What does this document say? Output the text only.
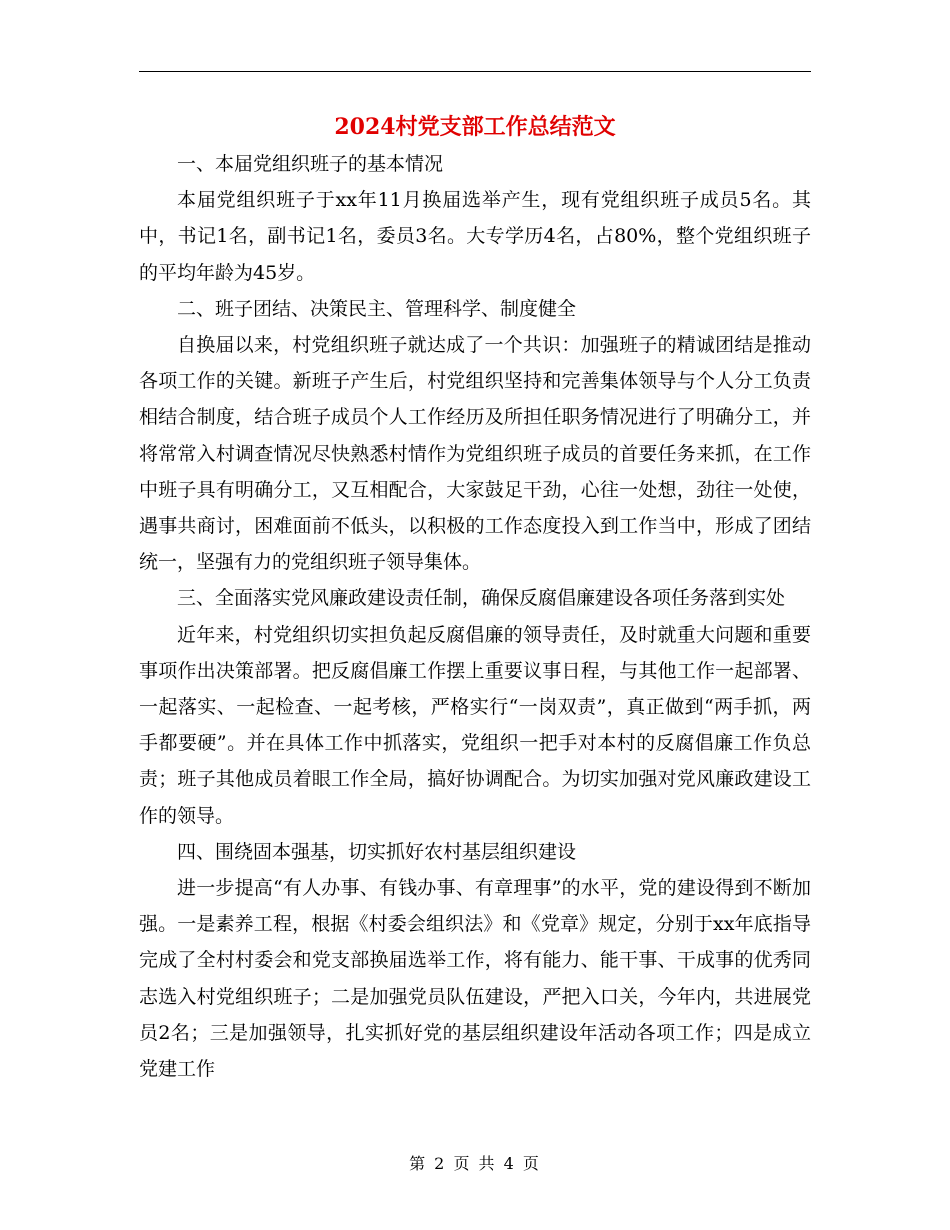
2024村党支部工作总结范文

一、本届党组织班子的基本情况

本届党组织班子于xx年11月换届选举产生，现有党组织班子成员5名。其中，书记1名，副书记1名，委员3名。大专学历4名，占80%，整个党组织班子的平均年龄为45岁。

二、班子团结、决策民主、管理科学、制度健全

自换届以来，村党组织班子就达成了一个共识：加强班子的精诚团结是推动各项工作的关键。新班子产生后，村党组织坚持和完善集体领导与个人分工负责相结合制度，结合班子成员个人工作经历及所担任职务情况进行了明确分工，并将常常入村调查情况尽快熟悉村情作为党组织班子成员的首要任务来抓，在工作中班子具有明确分工，又互相配合，大家鼓足干劲，心往一处想，劲往一处使，遇事共商讨，困难面前不低头，以积极的工作态度投入到工作当中，形成了团结统一，坚强有力的党组织班子领导集体。

三、全面落实党风廉政建设责任制，确保反腐倡廉建设各项任务落到实处

近年来，村党组织切实担负起反腐倡廉的领导责任，及时就重大问题和重要事项作出决策部署。把反腐倡廉工作摆上重要议事日程，与其他工作一起部署、一起落实、一起检查、一起考核，严格实行“一岗双责”，真正做到“两手抓，两手都要硬”。并在具体工作中抓落实，党组织一把手对本村的反腐倡廉工作负总责；班子其他成员着眼工作全局，搞好协调配合。为切实加强对党风廉政建设工作的领导。

四、围绕固本强基，切实抓好农村基层组织建设

进一步提高“有人办事、有钱办事、有章理事”的水平，党的建设得到不断加强。一是素养工程，根据《村委会组织法》和《党章》规定，分别于xx年底指导完成了全村村委会和党支部换届选举工作，将有能力、能干事、干成事的优秀同志选入村党组织班子；二是加强党员队伍建设，严把入口关，今年内，共进展党员2名；三是加强领导，扎实抓好党的基层组织建设年活动各项工作；四是成立党建工作

第 2 页 共 4 页
